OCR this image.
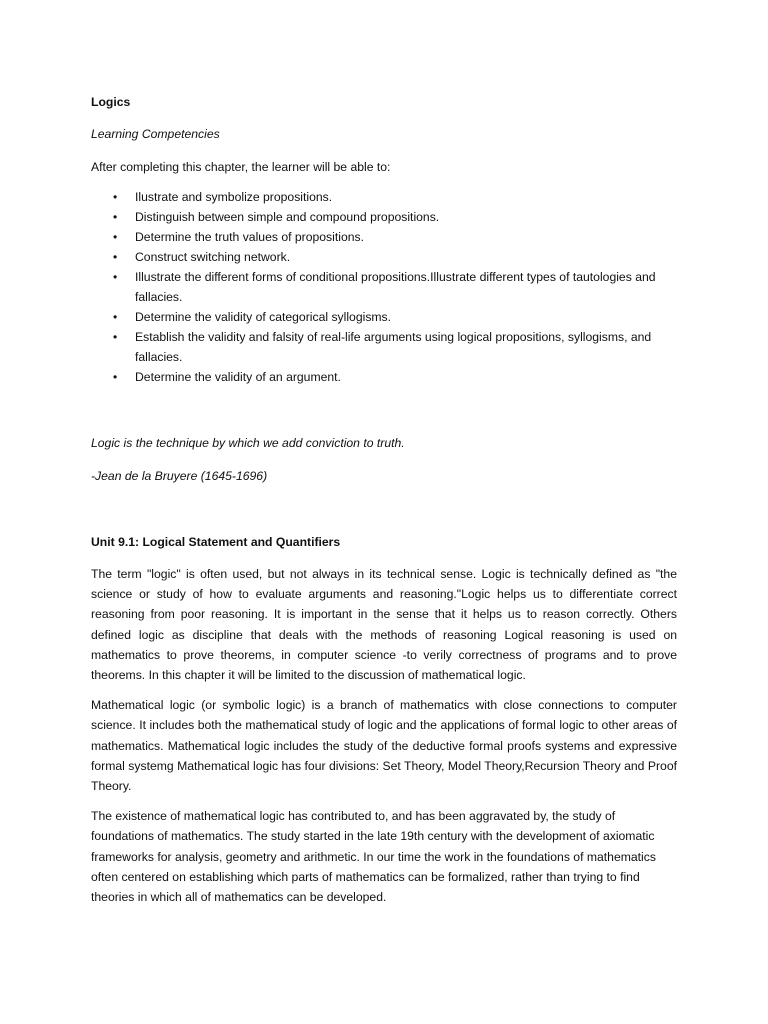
Logics
Learning Competencies
After completing this chapter, the learner will be able to:
• Ilustrate and symbolize propositions.
• Distinguish between simple and compound propositions.
• Determine the truth values of propositions.
• Construct switching network.
• Illustrate the different forms of conditional propositions.Illustrate different types of tautologies and fallacies.
• Determine the validity of categorical syllogisms.
• Establish the validity and falsity of real-life arguments using logical propositions, syllogisms, and fallacies.
• Determine the validity of an argument.
Logic is the technique by which we add conviction to truth.
-Jean de la Bruyere (1645-1696)
Unit 9.1: Logical Statement and Quantifiers

The term "logic" is often used, but not always in its technical sense. Logic is technically defined as "the science or study of how to evaluate arguments and reasoning."Logic helps us to differentiate correct reasoning from poor reasoning. It is important in the sense that it helps us to reason correctly. Others defined logic as discipline that deals with the methods of reasoning Logical reasoning is used on mathematics to prove theorems, in computer science -to verily correctness of programs and to prove theorems. In this chapter it will be limited to the discussion of mathematical logic.

Mathematical logic (or symbolic logic) is a branch of mathematics with close connections to computer science. It includes both the mathematical study of logic and the applications of formal logic to other areas of mathematics. Mathematical logic includes the study of the deductive formal proofs systems and expressive formal systemg Mathematical logic has four divisions: Set Theory, Model Theory,Recursion Theory and Proof Theory.

The existence of mathematical logic has contributed to, and has been aggravated by, the study of foundations of mathematics. The study started in the late 19th century with the development of axiomatic frameworks for analysis, geometry and arithmetic. In our time the work in the foundations of mathematics often centered on establishing which parts of mathematics can be formalized, rather than trying to find theories in which all of mathematics can be developed.
